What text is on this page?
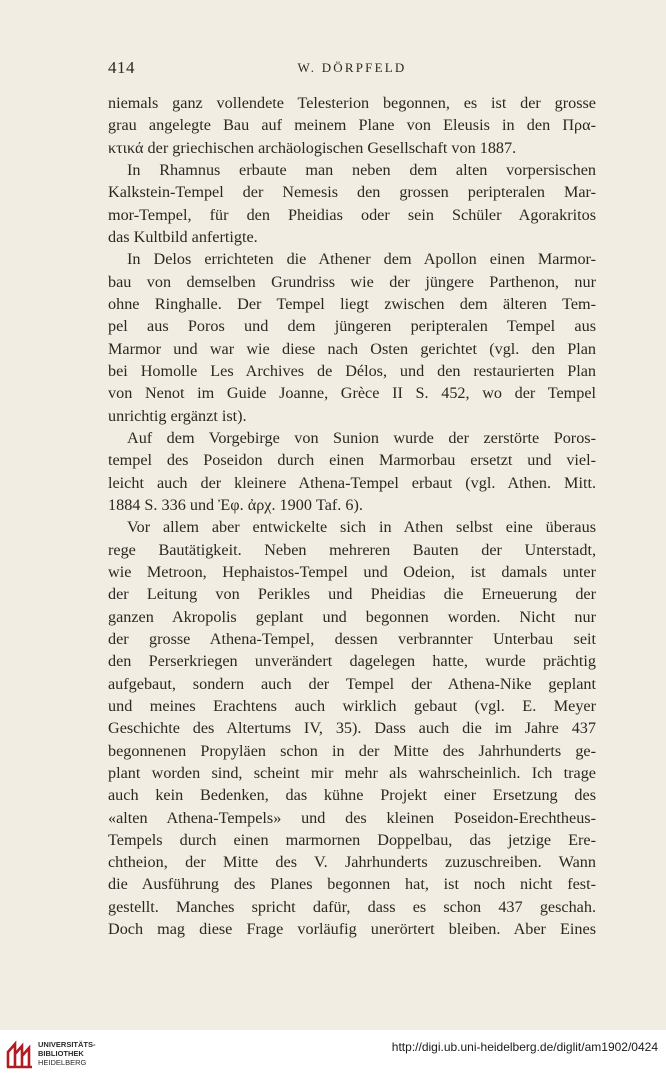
414	W. DÖRPFELD
niemals ganz vollendete Telesterion begonnen, es ist der grosse
grau angelegte Bau auf meinem Plane von Eleusis in den Πρα-
κτικά der griechischen archäologischen Gesellschaft von 1887.
In Rhamnus erbaute man neben dem alten vorpersischen
Kalkstein-Tempel der Nemesis den grossen peripteralen Mar-
mor-Tempel, für den Pheidias oder sein Schüler Agorakritos
das Kultbild anfertigte.
In Delos errichteten die Athener dem Apollon einen Marmor-
bau von demselben Grundriss wie der jüngere Parthenon, nur
ohne Ringhalle. Der Tempel liegt zwischen dem älteren Tem-
pel aus Poros und dem jüngeren peripteralen Tempel aus
Marmor und war wie diese nach Osten gerichtet (vgl. den Plan
bei Homolle Les Archives de Délos, und den restaurierten Plan
von Nenot im Guide Joanne, Grèce II S. 452, wo der Tempel
unrichtig ergänzt ist).
Auf dem Vorgebirge von Sunion wurde der zerstörte Poros-
tempel des Poseidon durch einen Marmorbau ersetzt und viel-
leicht auch der kleinere Athena-Tempel erbaut (vgl. Athen. Mitt.
1884 S. 336 und Ἐφ. ἀρχ. 1900 Taf. 6).
Vor allem aber entwickelte sich in Athen selbst eine überaus
rege Bautätigkeit. Neben mehreren Bauten der Unterstadt,
wie Metroon, Hephaistos-Tempel und Odeion, ist damals unter
der Leitung von Perikles und Pheidias die Erneuerung der
ganzen Akropolis geplant und begonnen worden. Nicht nur
der grosse Athena-Tempel, dessen verbrannter Unterbau seit
den Perserkriegen unverändert dagelegen hatte, wurde prächtig
aufgebaut, sondern auch der Tempel der Athena-Nike geplant
und meines Erachtens auch wirklich gebaut (vgl. E. Meyer
Geschichte des Altertums IV, 35). Dass auch die im Jahre 437
begonnenen Propyläen schon in der Mitte des Jahrhunderts ge-
plant worden sind, scheint mir mehr als wahrscheinlich. Ich trage
auch kein Bedenken, das kühne Projekt einer Ersetzung des
«alten Athena-Tempels» und des kleinen Poseidon-Erechtheus-
Tempels durch einen marmornen Doppelbau, das jetzige Ere-
chtheion, der Mitte des V. Jahrhunderts zuzuschreiben. Wann
die Ausführung des Planes begonnen hat, ist noch nicht fest-
gestellt. Manches spricht dafür, dass es schon 437 geschah.
Doch mag diese Frage vorläufig unerörtert bleiben. Aber Eines
UNIVERSITÄTS-
BIBLIOTHEK
HEIDELBERG
http://digi.ub.uni-heidelberg.de/diglit/am1902/0424
